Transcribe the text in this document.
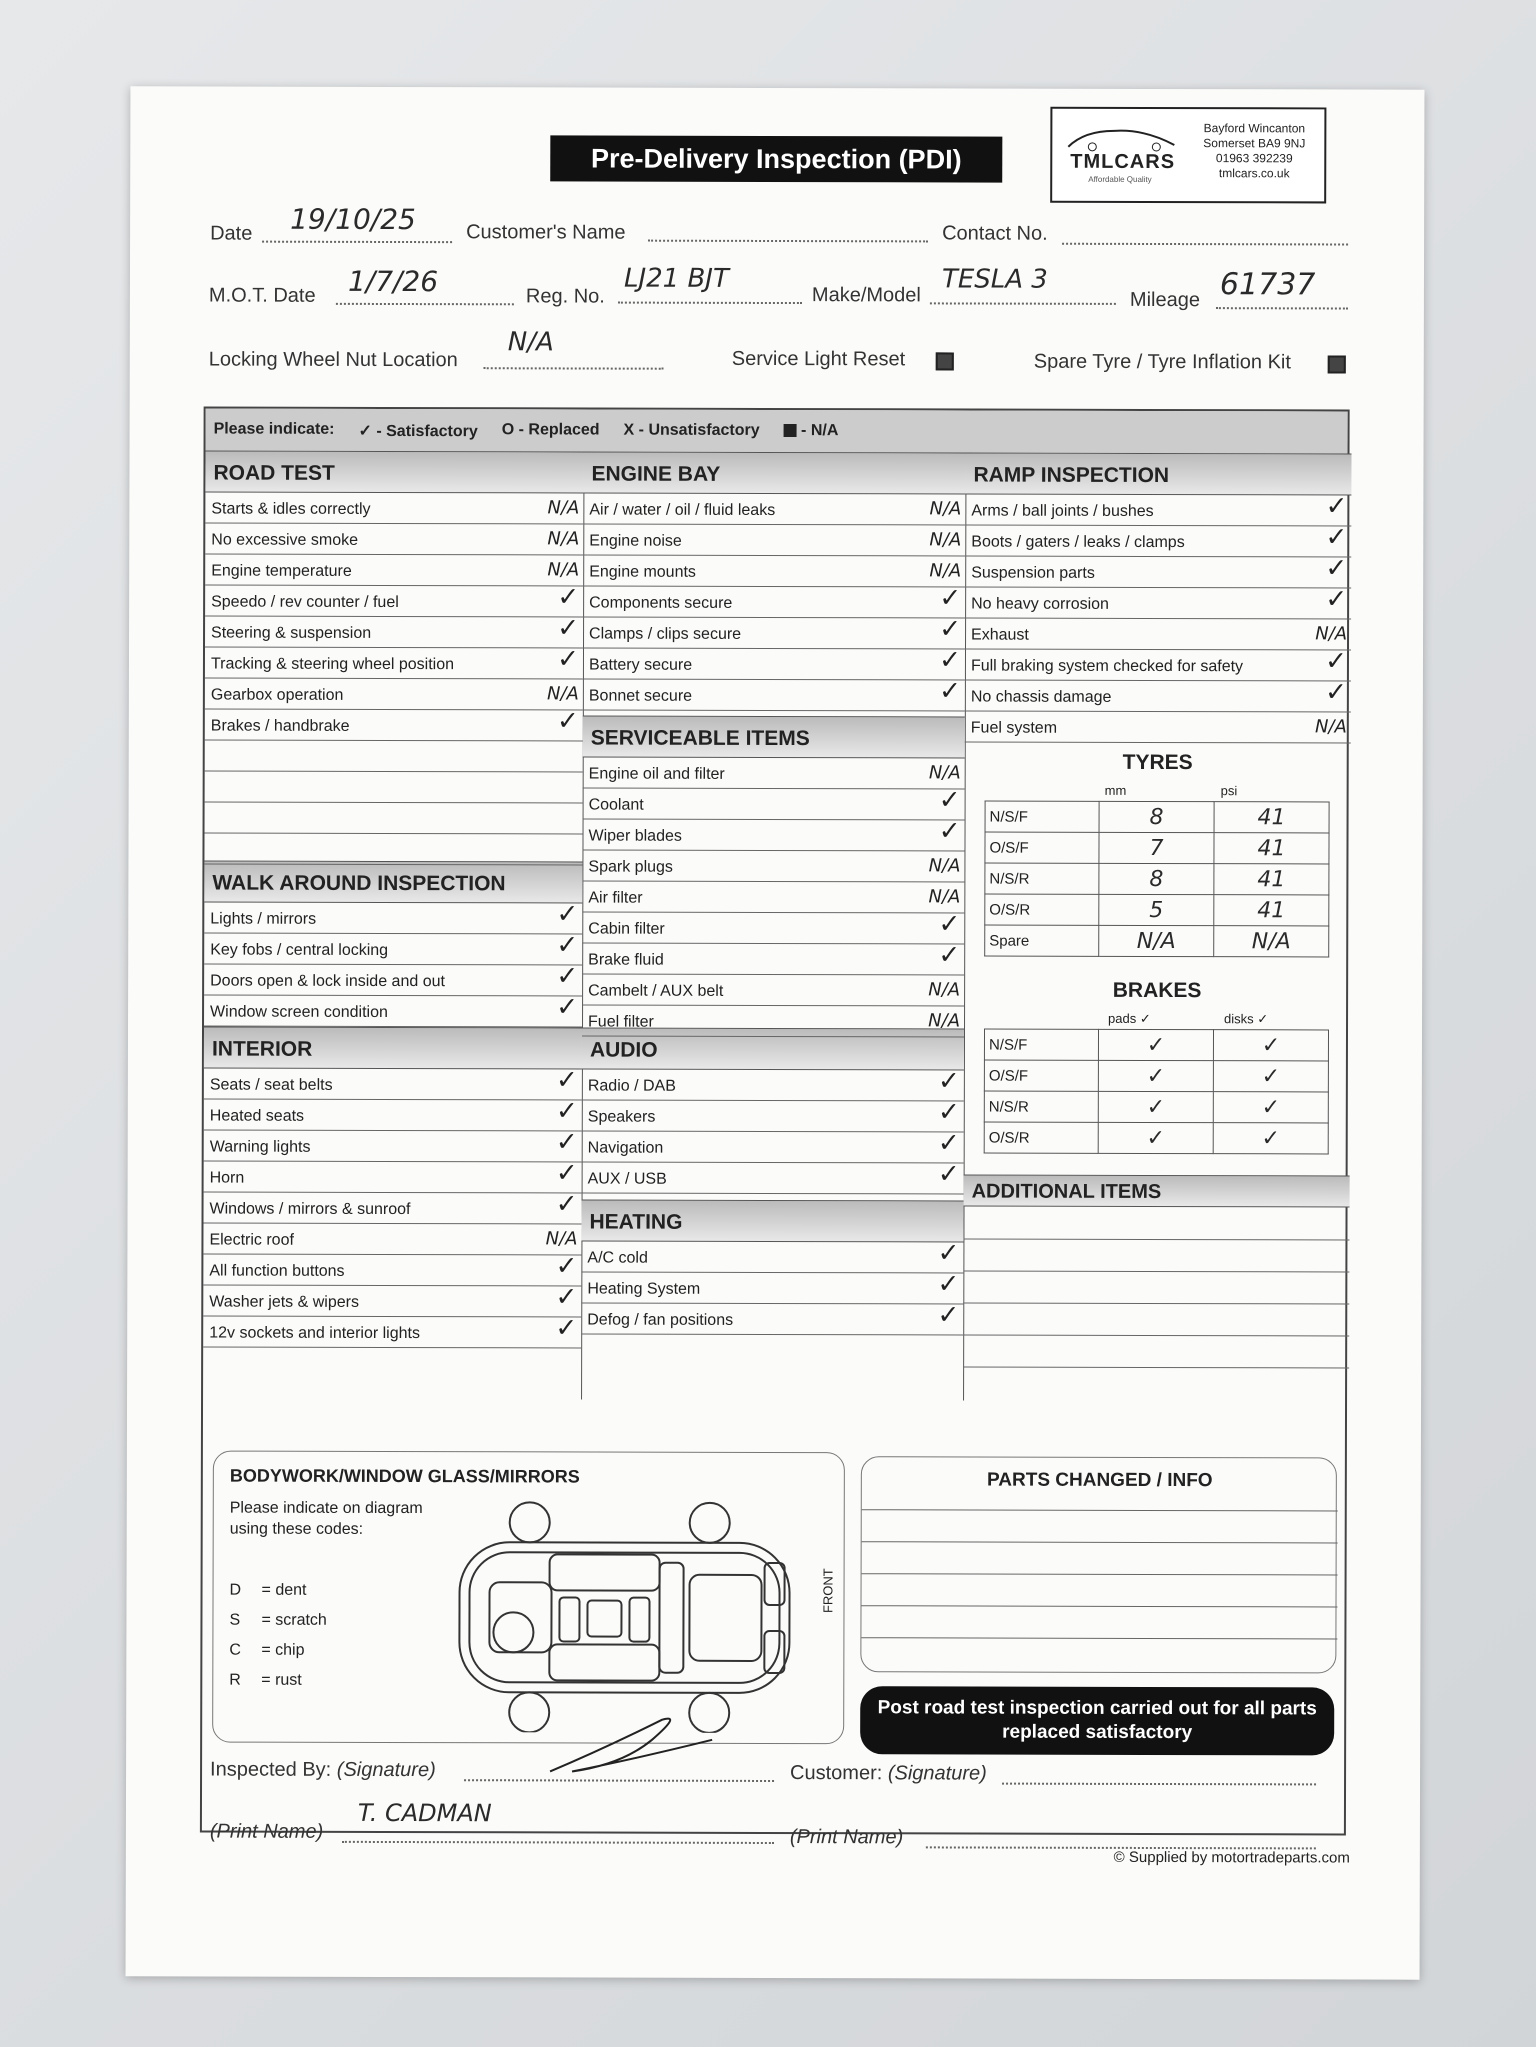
Pre-Delivery Inspection (PDI)	TMLCARS
Affordable Quality
Bayford Wincanton
Somerset BA9 9NJ
01963 392239
tmlcars.co.uk
Date 19/10/25	Customer's Name	Contact No.
M.O.T. Date 1/7/26	Reg. No.
LJ21 BJT
Make/Model
TESLA 3
Mileage 61737
Locking Wheel Nut Location
N/A
Service Light Reset	Spare Tyre / Tyre Inflation Kit
Please indicate: ✓ - Satisfactory O - Replaced X - Unsatisfactory	- N/A
ROAD TEST
WALK AROUND INSPECTION
INTERIOR
ENGINE BAY
SERVICEABLE ITEMS
AUDIO
HEATING
RAMP INSPECTION
TYRES
mm	psi
N/S/F	8	41
O/S/F	7	41
N/S/R	8	41
O/S/R	5	41
Spare	N/A	N/A
BRAKES
pads ✓	disks ✓
N/S/F	✓	✓
O/S/F	✓	✓
N/S/R	✓	✓
O/S/R	✓	✓
ADDITIONAL ITEMS
BODYWORK/WINDOW GLASS/MIRRORS
Please indicate on diagram using these codes:
D = dent
S = scratch
C = chip
R = rust
FRONT
PARTS CHANGED / INFO
Post road test inspection carried out for all parts replaced satisfactory
Inspected By: (Signature)	Customer: (Signature)
(Print Name)
T. CADMAN
(Print Name)
Starts & idles correctly	N/A
No excessive smoke	N/A
Engine temperature	N/A
Speedo / rev counter / fuel	✓
Steering & suspension	✓
Tracking & steering wheel position	✓
Gearbox operation	N/A
Brakes / handbrake	✓
Lights / mirrors	✓
Key fobs / central locking	✓
Doors open & lock inside and out	✓
Window screen condition	✓
Seats / seat belts	✓
Heated seats	✓
Warning lights	✓
Horn	✓
Windows / mirrors & sunroof	✓
Electric roof	N/A
All function buttons	✓
Washer jets & wipers	✓
12v sockets and interior lights	✓
Air / water / oil / fluid leaks	N/A
Engine noise	N/A
Engine mounts	N/A
Components secure	✓
Clamps / clips secure	✓
Battery secure	✓
Bonnet secure	✓
Engine oil and filter	N/A
Coolant	✓
Wiper blades	✓
Spark plugs	N/A
Air filter	N/A
Cabin filter	✓
Brake fluid	✓
Cambelt / AUX belt	N/A
Fuel filter	N/A
Radio / DAB	✓
Speakers	✓
Navigation	✓
AUX / USB	✓
A/C cold	✓
Heating System	✓
Defog / fan positions	✓
Arms / ball joints / bushes	✓
Boots / gaters / leaks / clamps	✓
Suspension parts	✓
No heavy corrosion	✓
Exhaust	N/A
Full braking system checked for safety	✓
No chassis damage	✓
Fuel system	N/A
© Supplied by motortradeparts.com
